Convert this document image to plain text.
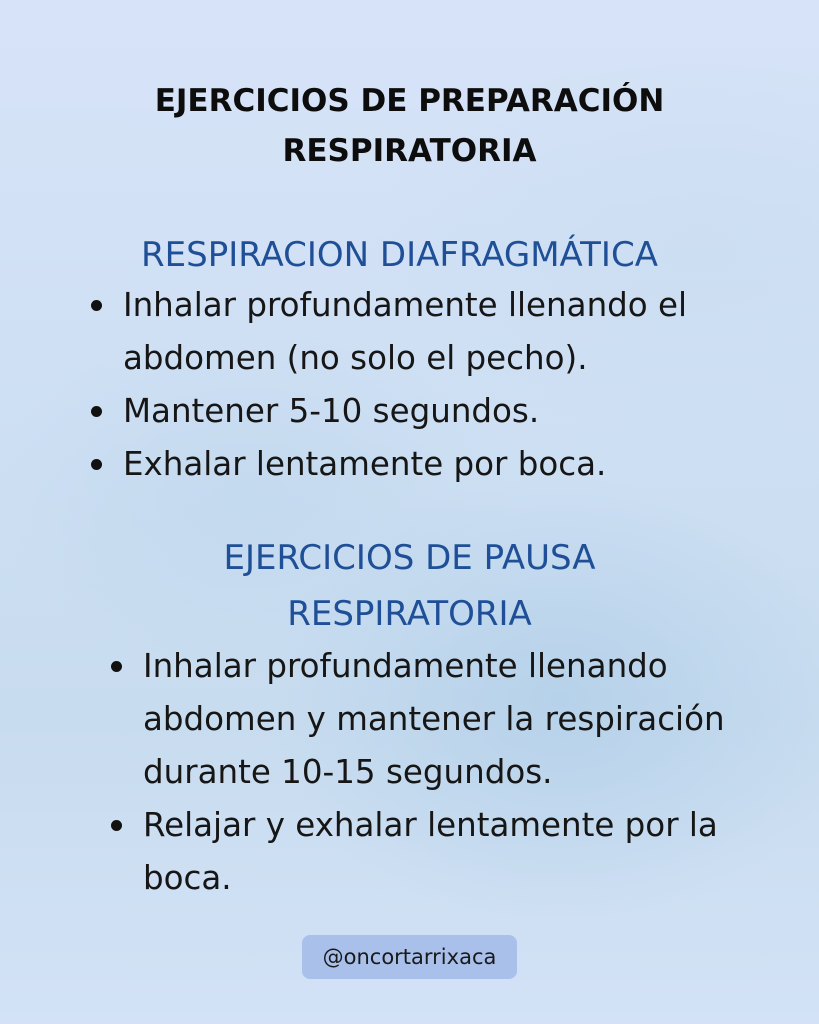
EJERCICIOS DE PREPARACIÓN
RESPIRATORIA
RESPIRACION DIAFRAGMÁTICA
Inhalar profundamente llenando el abdomen (no solo el pecho).
Mantener 5-10 segundos.
Exhalar lentamente por boca.
EJERCICIOS DE PAUSA
RESPIRATORIA
Inhalar profundamente llenando abdomen y mantener la respiración durante 10-15 segundos.
Relajar y exhalar lentamente por la boca.
@oncortarrixaca
